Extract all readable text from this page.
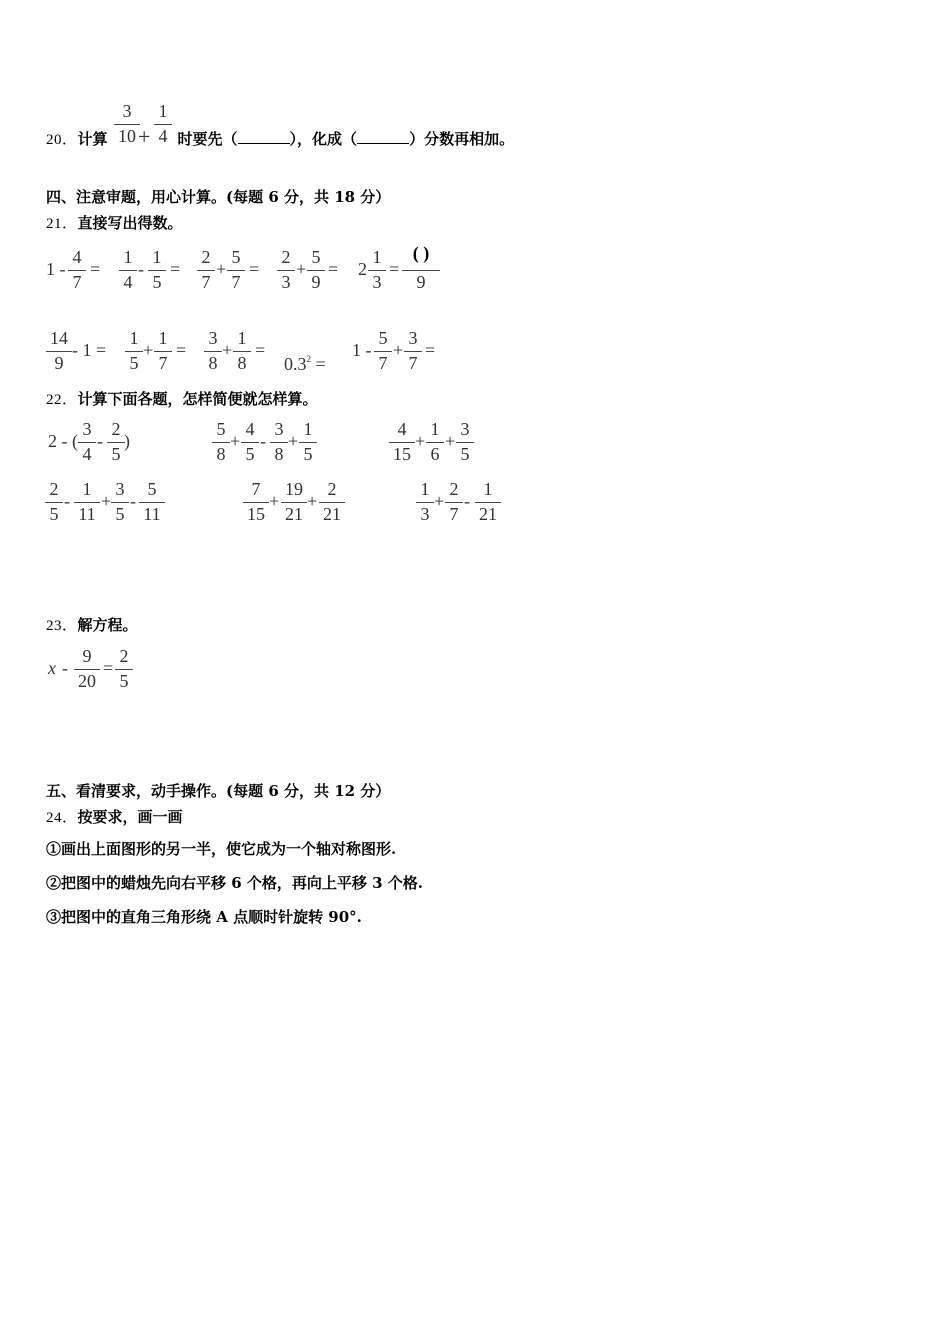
20．计算	时要先（	），化成（	）分数再相加。
3
10 +
1
4
四、注意审题，用心计算。(每题 6 分，共 18 分）
21．直接写出得数。
1 -
4
7
=
1
4
-
1
5
=
2
7
+
5
7
=
2
3
+
5
9
= 2
1
3
=
( )
9
14
9
- 1 =
1
5
+
1
7
=
3
8
+
1
8
=
$0.3^2$ =
1 -
5
7
+
3
7
=
22．计算下面各题，怎样简便就怎样算。
2 - (
3
4
-
2
5
)
5
8
+
4
5
-
3
8
+
1
5
4
15
+
1
6
+
3
5
2
5
-
1
11
+
3
5
-
5
11
7
15
+
19
21
+
2
21
1
3
+
2
7
-
1
21
23．解方程。
x -
9
20
=
2
5
五、看清要求，动手操作。(每题 6 分，共 12 分）
24．按要求，画一画
①画出上面图形的另一半，使它成为一个轴对称图形.
②把图中的蜡烛先向右平移 6 个格，再向上平移 3 个格.
③把图中的直角三角形绕 A 点顺时针旋转 90°.
